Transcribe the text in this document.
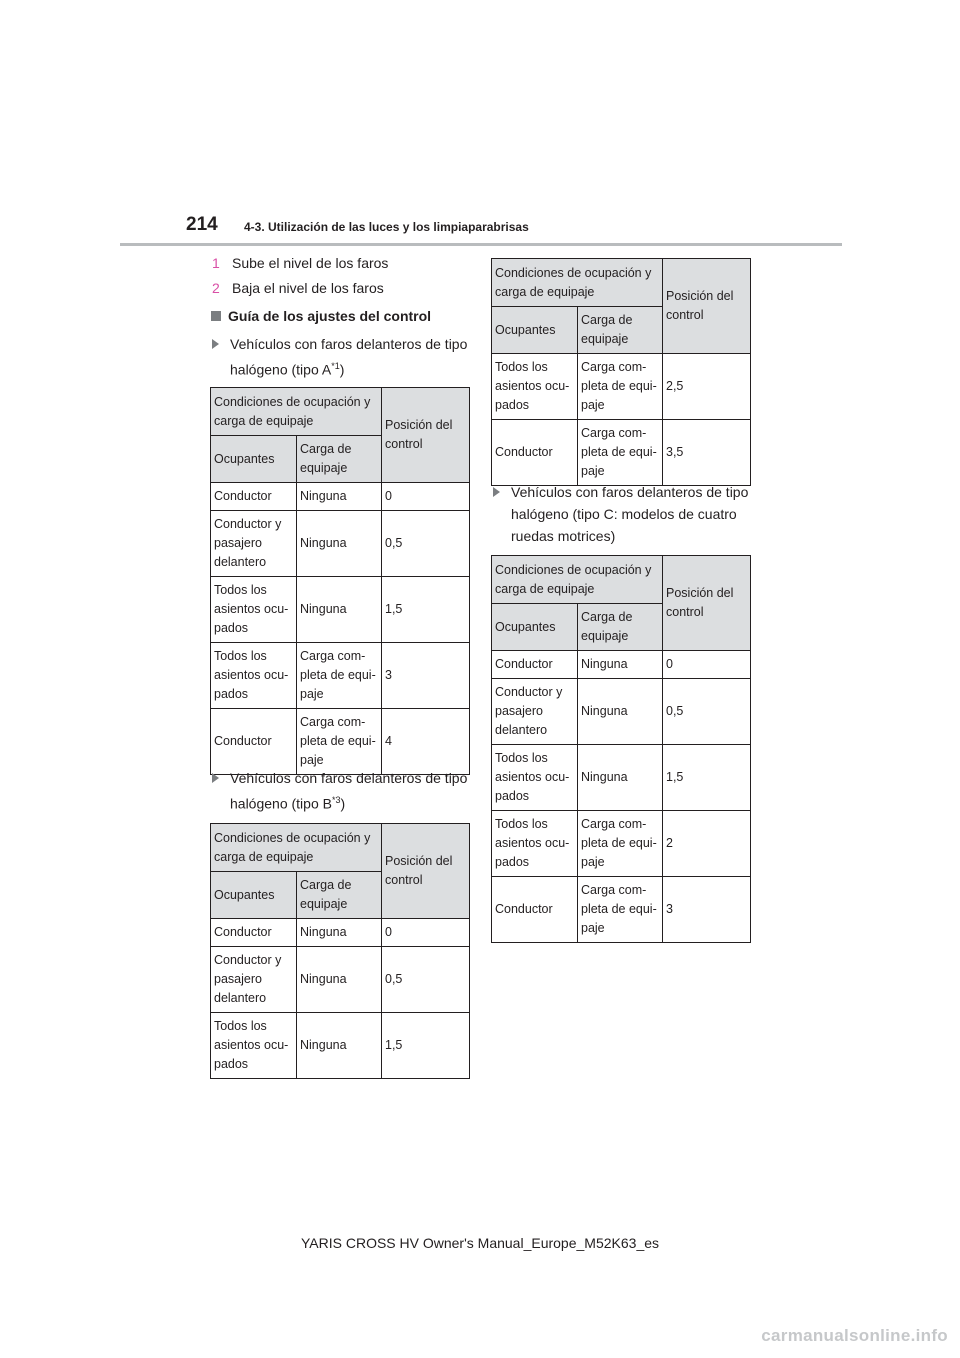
214 4-3. Utilización de las luces y los limpiaparabrisas
1 Sube el nivel de los faros
2 Baja el nivel de los faros
Guía de los ajustes del control
Vehículos con faros delanteros de tipo halógeno (tipo $A^{*1}$)
Condiciones de ocupación y carga de equipaje		Posición del control
Ocupantes	Carga de equipaje	
Conductor	Ninguna	0
Conductor y pasajero delantero	Ninguna	0,5
Todos los asientos ocu-pados	Ninguna	1,5
Todos los asientos ocu-pados	Carga com-pleta de equi-paje	3
Conductor	Carga com-pleta de equi-paje	4
Vehículos con faros delanteros de tipo halógeno (tipo $B^{*3}$)
Condiciones de ocupación y carga de equipaje		Posición del control
Ocupantes	Carga de equipaje	
Conductor	Ninguna	0
Conductor y pasajero delantero	Ninguna	0,5
Todos los asientos ocu-pados	Ninguna	1,5
Condiciones de ocupación y carga de equipaje		Posición del control
Ocupantes	Carga de equipaje	
Todos los asientos ocu-pados	Carga com-pleta de equi-paje	2,5
Conductor	Carga com-pleta de equi-paje	3,5
Vehículos con faros delanteros de tipo halógeno (tipo C: modelos de cuatro ruedas motrices)
Condiciones de ocupación y carga de equipaje		Posición del control
Ocupantes	Carga de equipaje	
Conductor	Ninguna	0
Conductor y pasajero delantero	Ninguna	0,5
Todos los asientos ocu-pados	Ninguna	1,5
Todos los asientos ocu-pados	Carga com-pleta de equi-paje	2
Conductor	Carga com-pleta de equi-paje	3
YARIS CROSS HV Owner's Manual_Europe_M52K63_es
carmanualsonline.info
